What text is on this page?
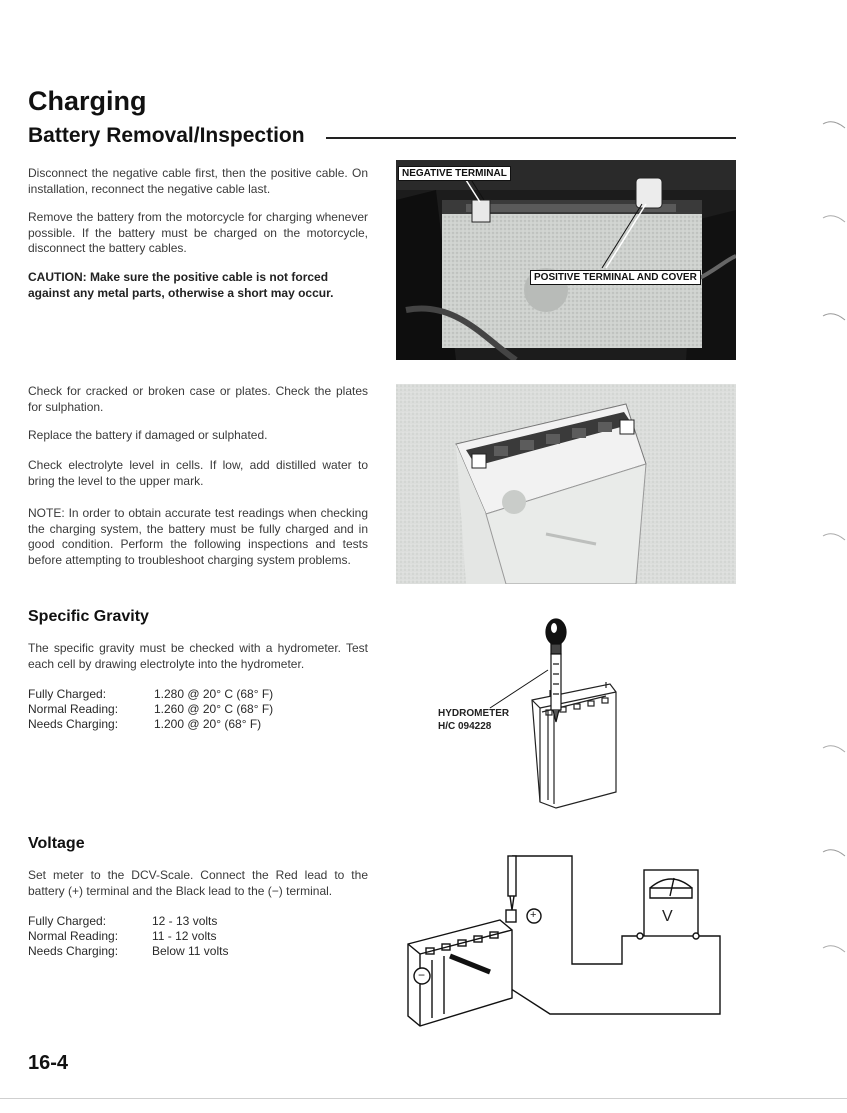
Charging
Battery Removal/Inspection
Disconnect the negative cable first, then the positive cable. On installation, reconnect the negative cable last.
Remove the battery from the motorcycle for charging whenever possible. If the battery must be charged on the motorcycle, disconnect the battery cables.
CAUTION: Make sure the positive cable is not forced against any metal parts, otherwise a short may occur.
NEGATIVE TERMINAL
POSITIVE TERMINAL AND COVER
Check for cracked or broken case or plates. Check the plates for sulphation.
Replace the battery if damaged or sulphated.
Check electrolyte level in cells. If low, add distilled water to bring the level to the upper mark.
NOTE: In order to obtain accurate test readings when checking the charging system, the battery must be fully charged and in good condition. Perform the following inspections and tests before attempting to troubleshoot charging system problems.
Specific Gravity
The specific gravity must be checked with a hydrometer. Test each cell by drawing electrolyte into the hydrometer.
Fully Charged:	1.280 @ 20° C (68° F)
Normal Reading:	1.260 @ 20° C (68° F)
Needs Charging:	1.200 @ 20° (68° F)
HYDROMETER
H/C 094228
Voltage
Set meter to the DCV-Scale. Connect the Red lead to the battery (+) terminal and the Black lead to the (−) terminal.
Fully Charged:	12 - 13 volts
Normal Reading:	11 - 12 volts
Needs Charging:	Below 11 volts
V
+
−
16-4
